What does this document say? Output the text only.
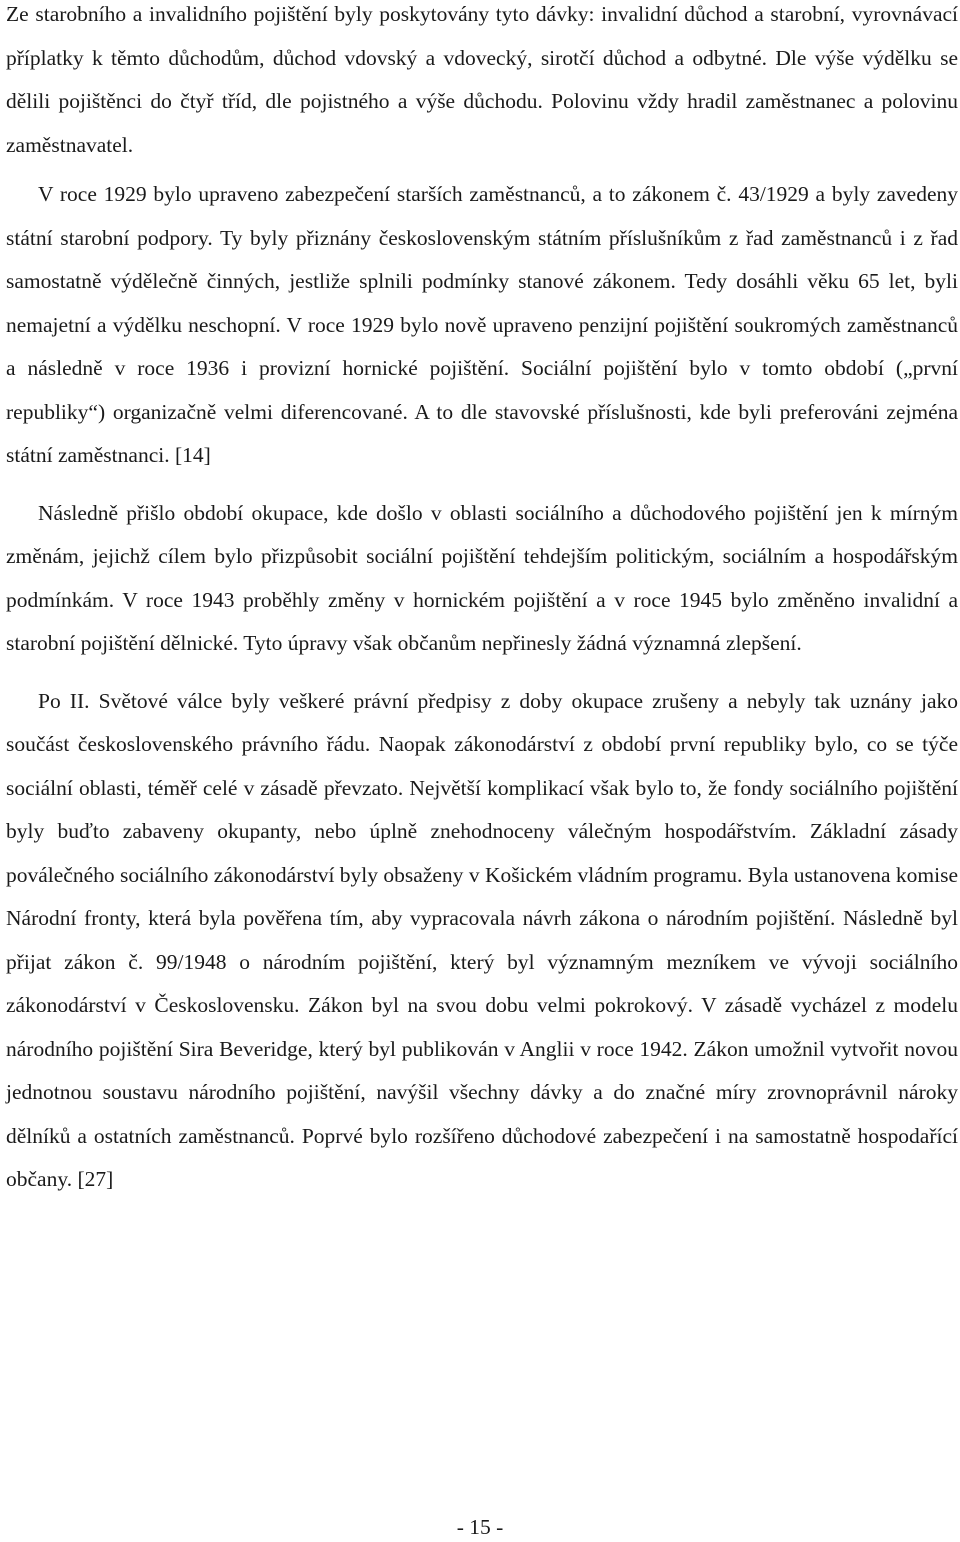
Ze starobního a invalidního pojištění byly poskytovány tyto dávky: invalidní důchod a starobní, vyrovnávací příplatky k těmto důchodům, důchod vdovský a vdovecký, sirotčí důchod a odbytné. Dle výše výdělku se dělili pojištěnci do čtyř tříd, dle pojistného a výše důchodu. Polovinu vždy hradil zaměstnanec a polovinu zaměstnavatel.

V roce 1929 bylo upraveno zabezpečení starších zaměstnanců, a to zákonem č. 43/1929 a byly zavedeny státní starobní podpory. Ty byly přiznány československým státním příslušníkům z řad zaměstnanců i z řad samostatně výdělečně činných, jestliže splnili podmínky stanové zákonem. Tedy dosáhli věku 65 let, byli nemajetní a výdělku neschopní. V roce 1929 bylo nově upraveno penzijní pojištění soukromých zaměstnanců a následně v roce 1936 i provizní hornické pojištění. Sociální pojištění bylo v tomto období („první republiky“) organizačně velmi diferencované. A to dle stavovské příslušnosti, kde byli preferováni zejména státní zaměstnanci. [14]

Následně přišlo období okupace, kde došlo v oblasti sociálního a důchodového pojištění jen k mírným změnám, jejichž cílem bylo přizpůsobit sociální pojištění tehdejším politickým, sociálním a hospodářským podmínkám. V roce 1943 proběhly změny v hornickém pojištění a v roce 1945 bylo změněno invalidní a starobní pojištění dělnické. Tyto úpravy však občanům nepřinesly žádná významná zlepšení.

Po II. Světové válce byly veškeré právní předpisy z doby okupace zrušeny a nebyly tak uznány jako součást československého právního řádu. Naopak zákonodárství z období první republiky bylo, co se týče sociální oblasti, téměř celé v zásadě převzato. Největší komplikací však bylo to, že fondy sociálního pojištění byly buďto zabaveny okupanty, nebo úplně znehodnoceny válečným hospodářstvím. Základní zásady poválečného sociálního zákonodárství byly obsaženy v Košickém vládním programu. Byla ustanovena komise Národní fronty, která byla pověřena tím, aby vypracovala návrh zákona o národním pojištění. Následně byl přijat zákon č. 99/1948 o národním pojištění, který byl významným mezníkem ve vývoji sociálního zákonodárství v Československu. Zákon byl na svou dobu velmi pokrokový. V zásadě vycházel z modelu národního pojištění Sira Beveridge, který byl publikován v Anglii v roce 1942. Zákon umožnil vytvořit novou jednotnou soustavu národního pojištění, navýšil všechny dávky a do značné míry zrovnoprávnil nároky dělníků a ostatních zaměstnanců. Poprvé bylo rozšířeno důchodové zabezpečení i na samostatně hospodařící občany. [27]

- 15 -
